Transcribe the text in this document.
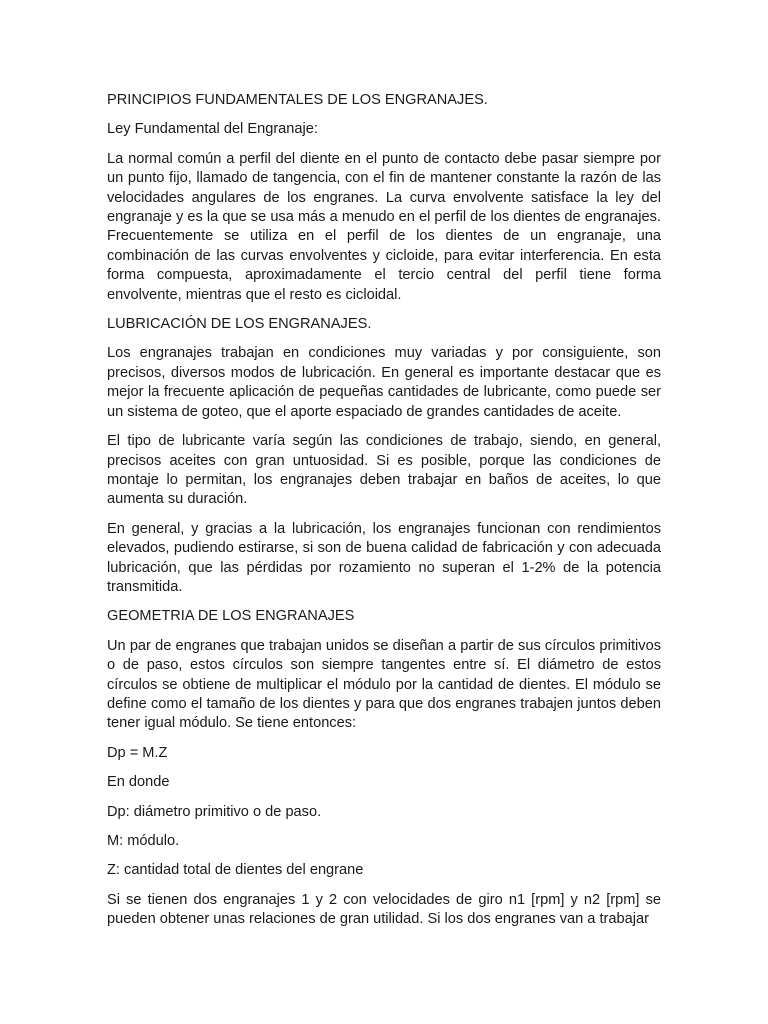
PRINCIPIOS FUNDAMENTALES DE LOS ENGRANAJES.

Ley Fundamental del Engranaje:

La normal común a perfil del diente en el punto de contacto debe pasar siempre por un punto fijo, llamado de tangencia, con el fin de mantener constante la razón de las velocidades angulares de los engranes. La curva envolvente satisface la ley del engranaje y es la que se usa más a menudo en el perfil de los dientes de engranajes. Frecuentemente se utiliza en el perfil de los dientes de un engranaje, una combinación de las curvas envolventes y cicloide, para evitar interferencia. En esta forma compuesta, aproximadamente el tercio central del perfil tiene forma envolvente, mientras que el resto es cicloidal.

LUBRICACIÓN DE LOS ENGRANAJES.

Los engranajes trabajan en condiciones muy variadas y por consiguiente, son precisos, diversos modos de lubricación. En general es importante destacar que es mejor la frecuente aplicación de pequeñas cantidades de lubricante, como puede ser un sistema de goteo, que el aporte espaciado de grandes cantidades de aceite.

El tipo de lubricante varía según las condiciones de trabajo, siendo, en general, precisos aceites con gran untuosidad. Si es posible, porque las condiciones de montaje lo permitan, los engranajes deben trabajar en baños de aceites, lo que aumenta su duración.

En general, y gracias a la lubricación, los engranajes funcionan con rendimientos elevados, pudiendo estirarse, si son de buena calidad de fabricación y con adecuada lubricación, que las pérdidas por rozamiento no superan el 1-2% de la potencia transmitida.

GEOMETRIA DE LOS ENGRANAJES

Un par de engranes que trabajan unidos se diseñan a partir de sus círculos primitivos o de paso, estos círculos son siempre tangentes entre sí. El diámetro de estos círculos se obtiene de multiplicar el módulo por la cantidad de dientes. El módulo se define como el tamaño de los dientes y para que dos engranes trabajen juntos deben tener igual módulo. Se tiene entonces:

Dp = M.Z

En donde

Dp: diámetro primitivo o de paso.

M: módulo.

Z: cantidad total de dientes del engrane

Si se tienen dos engranajes 1 y 2 con velocidades de giro n1 [rpm] y n2 [rpm] se pueden obtener unas relaciones de gran utilidad. Si los dos engranes van a trabajar
